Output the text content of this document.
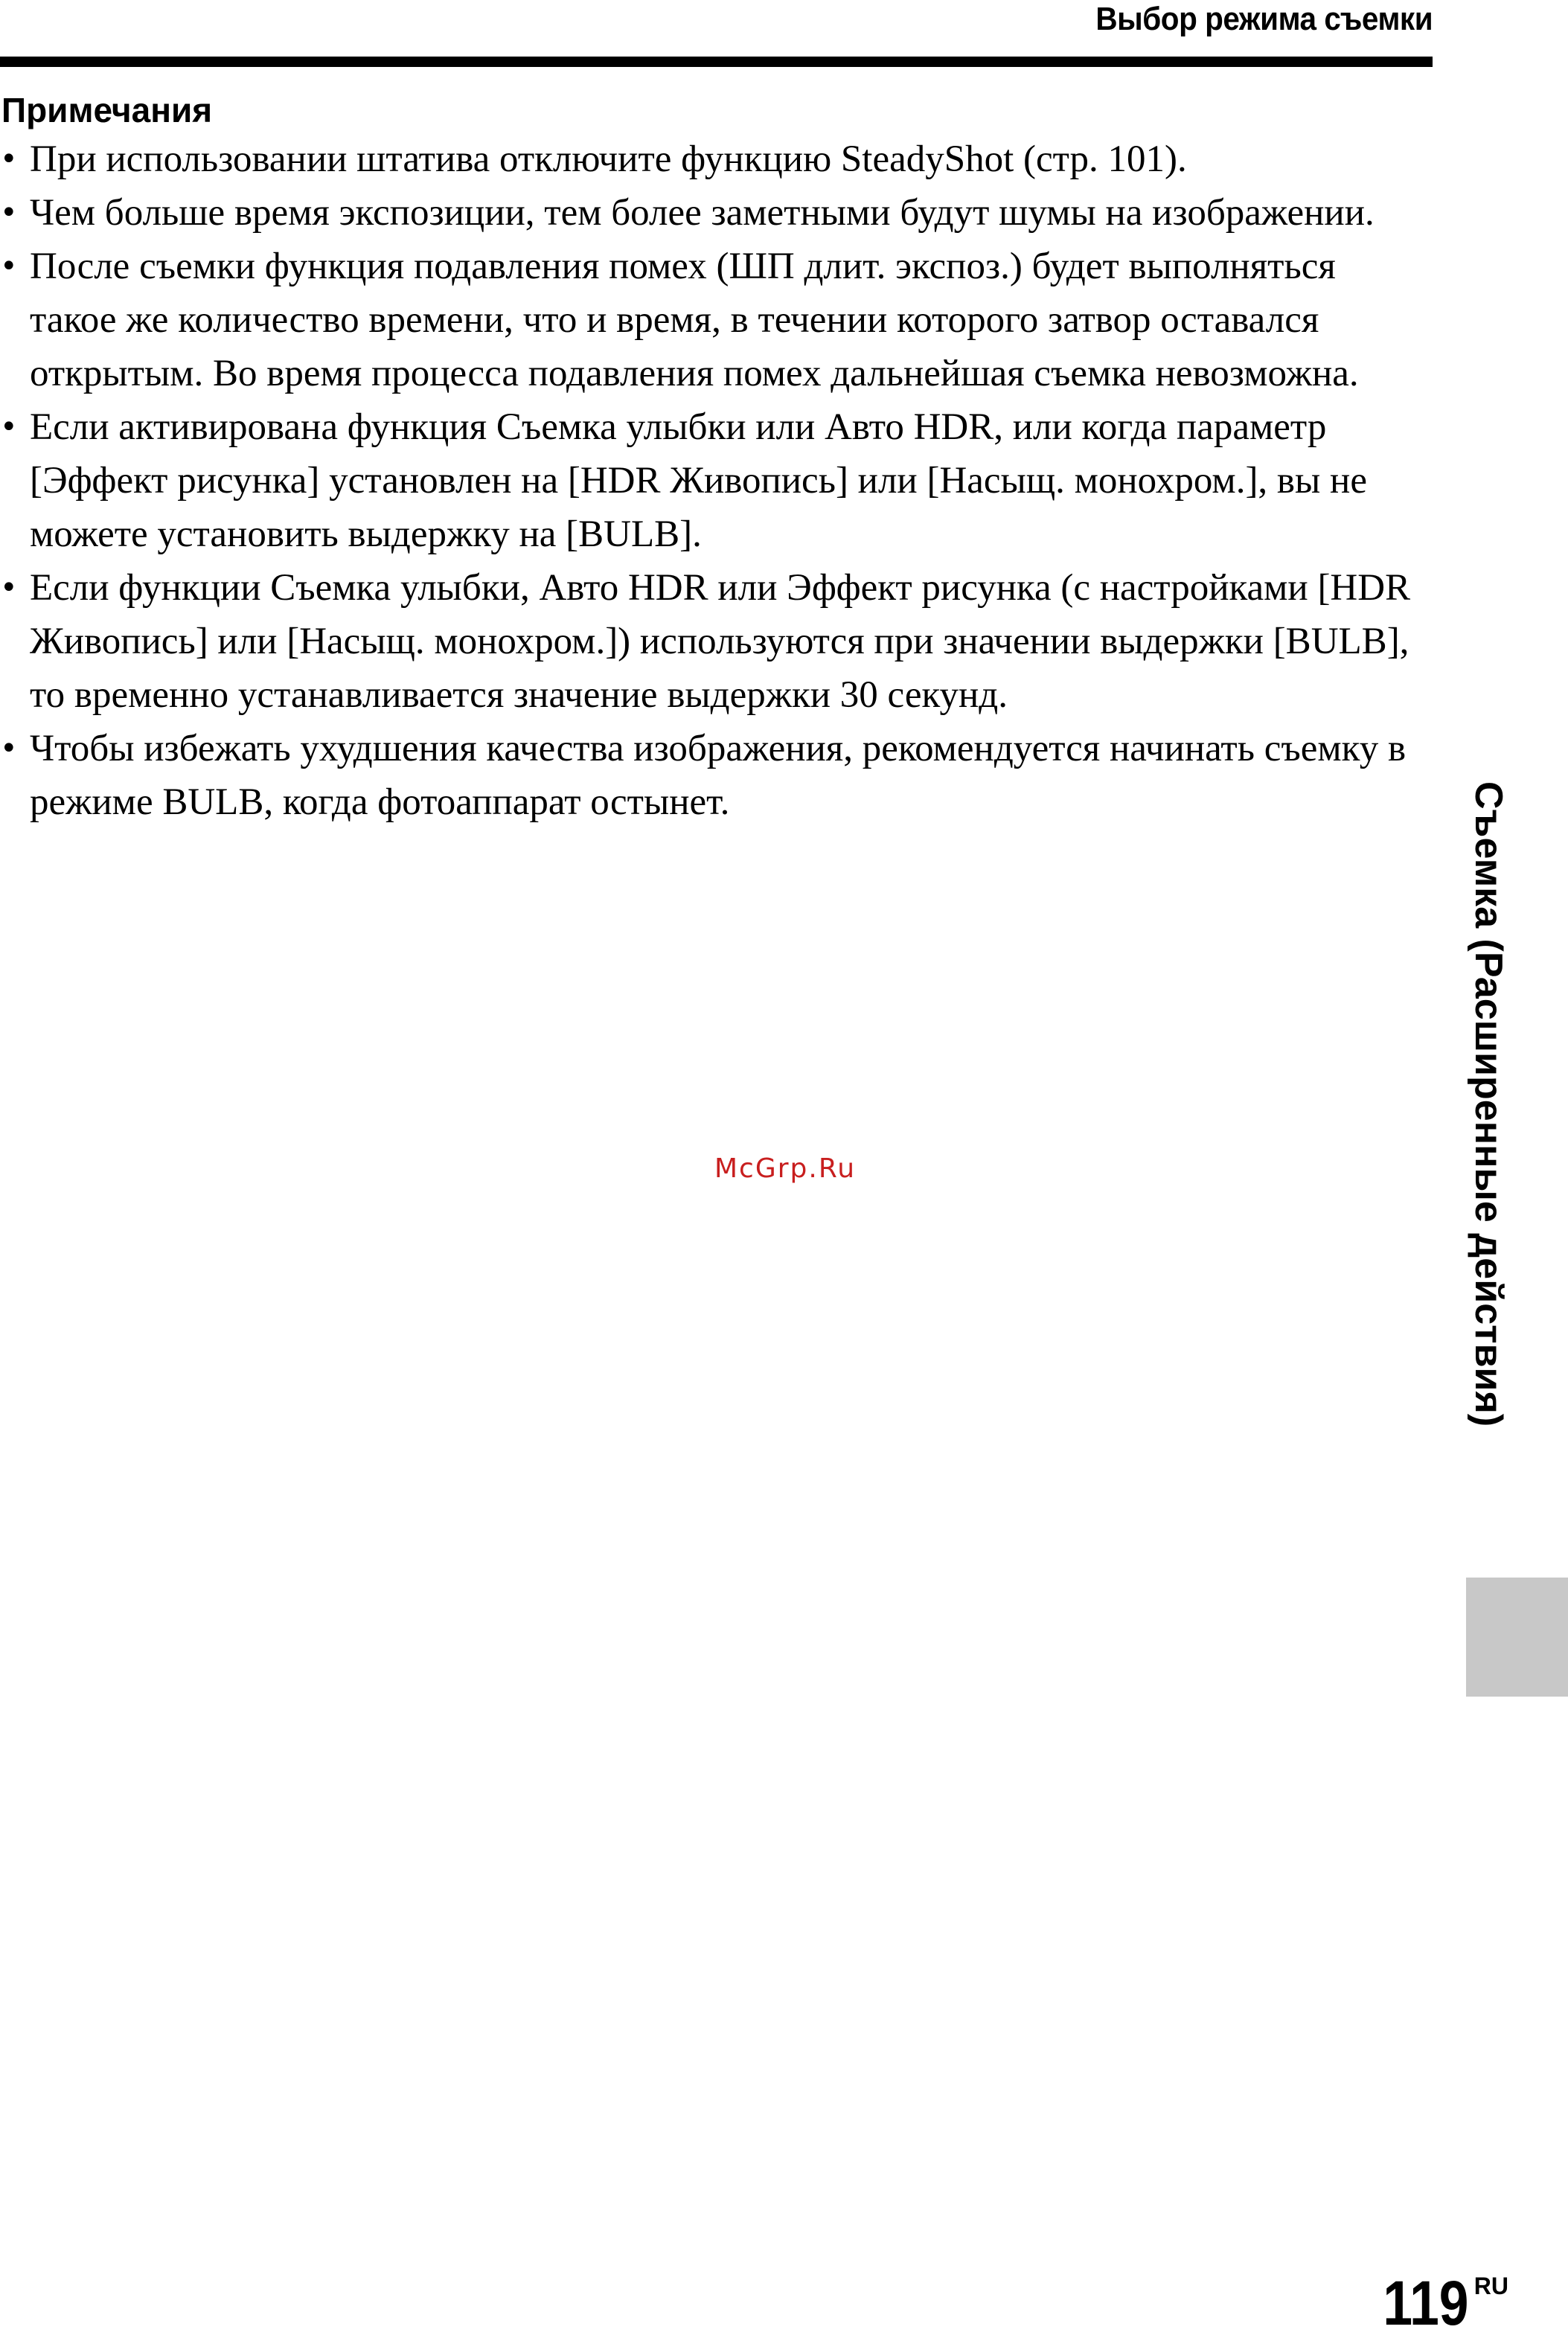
Выбор режима съемки
Примечания
• При использовании штатива отключите функцию SteadyShot (стр. 101).
• Чем больше время экспозиции, тем более заметными будут шумы на изображении.
• После съемки функция подавления помех (ШП длит. экспоз.) будет выполняться такое же количество времени, что и время, в течении которого затвор оставался открытым. Во время процесса подавления помех дальнейшая съемка невозможна.
• Если активирована функция Съемка улыбки или Авто HDR, или когда параметр [Эффект рисунка] установлен на [HDR Живопись] или [Насыщ. монохром.], вы не можете установить выдержку на [BULB].
• Если функции Съемка улыбки, Авто HDR или Эффект рисунка (с настройками [HDR Живопись] или [Насыщ. монохром.]) используются при значении выдержки [BULB], то временно устанавливается значение выдержки 30 секунд.
• Чтобы избежать ухудшения качества изображения, рекомендуется начинать съемку в режиме BULB, когда фотоаппарат остынет.
McGrp.Ru	Съемка (Расширенные действия)
119 RU
